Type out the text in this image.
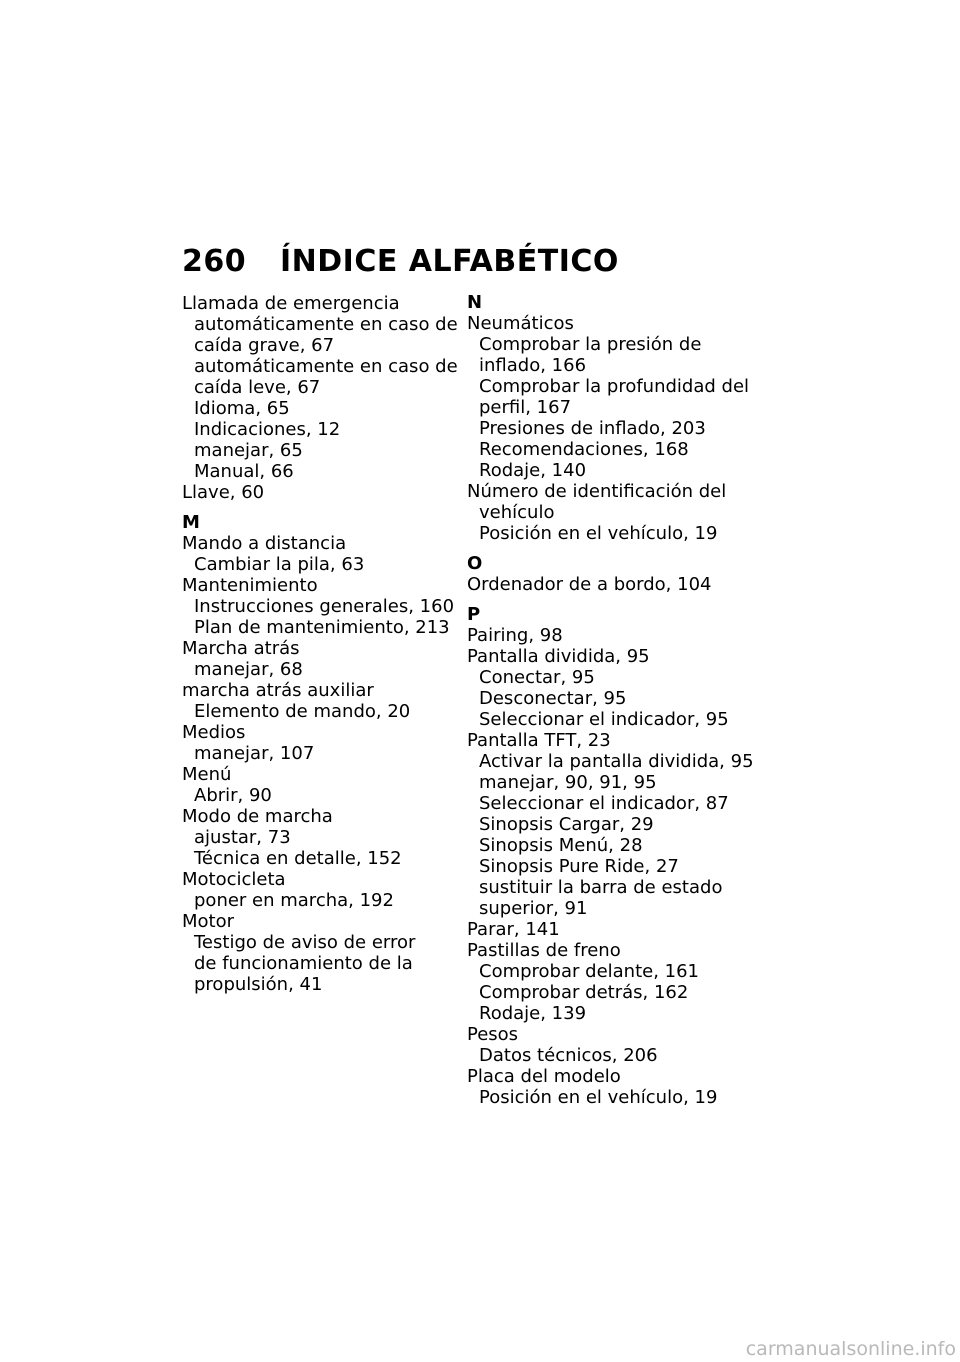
260 ÍNDICE ALFABÉTICO
Llamada de emergencia
automáticamente en caso de
caída grave, 67
automáticamente en caso de
caída leve, 67
Idioma, 65
Indicaciones, 12
manejar, 65
Manual, 66
Llave, 60
M
Mando a distancia
Cambiar la pila, 63
Mantenimiento
Instrucciones generales, 160
Plan de mantenimiento, 213
Marcha atrás
manejar, 68
marcha atrás auxiliar
Elemento de mando, 20
Medios
manejar, 107
Menú
Abrir, 90
Modo de marcha
ajustar, 73
Técnica en detalle, 152
Motocicleta
poner en marcha, 192
Motor
Testigo de aviso de error
de funcionamiento de la
propulsión, 41
N
Neumáticos
Comprobar la presión de
inflado, 166
Comprobar la profundidad del
perfil, 167
Presiones de inflado, 203
Recomendaciones, 168
Rodaje, 140
Número de identificación del
vehículo
Posición en el vehículo, 19
O
Ordenador de a bordo, 104
P
Pairing, 98
Pantalla dividida, 95
Conectar, 95
Desconectar, 95
Seleccionar el indicador, 95
Pantalla TFT, 23
Activar la pantalla dividida, 95
manejar, 90, 91, 95
Seleccionar el indicador, 87
Sinopsis Cargar, 29
Sinopsis Menú, 28
Sinopsis Pure Ride, 27
sustituir la barra de estado
superior, 91
Parar, 141
Pastillas de freno
Comprobar delante, 161
Comprobar detrás, 162
Rodaje, 139
Pesos
Datos técnicos, 206
Placa del modelo
Posición en el vehículo, 19
carmanualsonline.info
